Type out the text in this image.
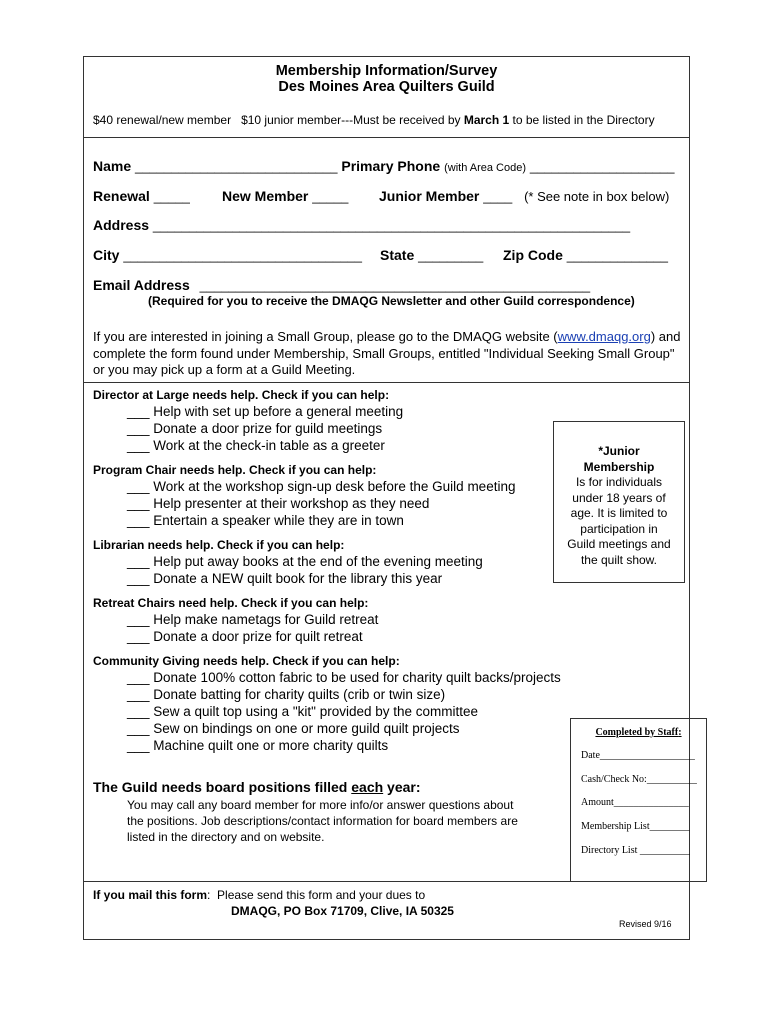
Membership Information/Survey
Des Moines Area Quilters Guild
$40 renewal/new member   $10 junior member---Must be received by March 1 to be listed in the Directory
Name ____________________________ Primary Phone (with Area Code) ____________________
Renewal _____ New Member _____ Junior Member ____ (* See note in box below)
Address __________________________________________________________________
City _________________________________ State _________ Zip Code ______________
Email Address ______________________________________________________
(Required for you to receive the DMAQG Newsletter and other Guild correspondence)
If you are interested in joining a Small Group, please go to the DMAQG website (www.dmaqg.org) and
complete the form found under Membership, Small Groups, entitled "Individual Seeking Small Group"
or you may pick up a form at a Guild Meeting.
Director at Large needs help. Check if you can help:
___ Help with set up before a general meeting
___ Donate a door prize for guild meetings
___ Work at the check-in table as a greeter
Program Chair needs help. Check if you can help:
___ Work at the workshop sign-up desk before the Guild meeting
___ Help presenter at their workshop as they need
___ Entertain a speaker while they are in town
Librarian needs help. Check if you can help:
___ Help put away books at the end of the evening meeting
___ Donate a NEW quilt book for the library this year
Retreat Chairs need help. Check if you can help:
___ Help make nametags for Guild retreat
___ Donate a door prize for quilt retreat
Community Giving needs help. Check if you can help:
___ Donate 100% cotton fabric to be used for charity quilt backs/projects
___ Donate batting for charity quilts (crib or twin size)
___ Sew a quilt top using a "kit" provided by the committee
___ Sew on bindings on one or more guild quilt projects
___ Machine quilt one or more charity quilts
*Junior
Membership
Is for individuals
under 18 years of
age. It is limited to
participation in
Guild meetings and
the quilt show.
The Guild needs board positions filled each year:
You may call any board member for more info/or answer questions about
the positions. Job descriptions/contact information for board members are
listed in the directory and on website.
Completed by Staff:
Date___________________
Cash/Check No:__________
Amount_______________
Membership List________
Directory List __________
If you mail this form:  Please send this form and your dues to
DMAQG, PO Box 71709, Clive, IA 50325
Revised 9/16
